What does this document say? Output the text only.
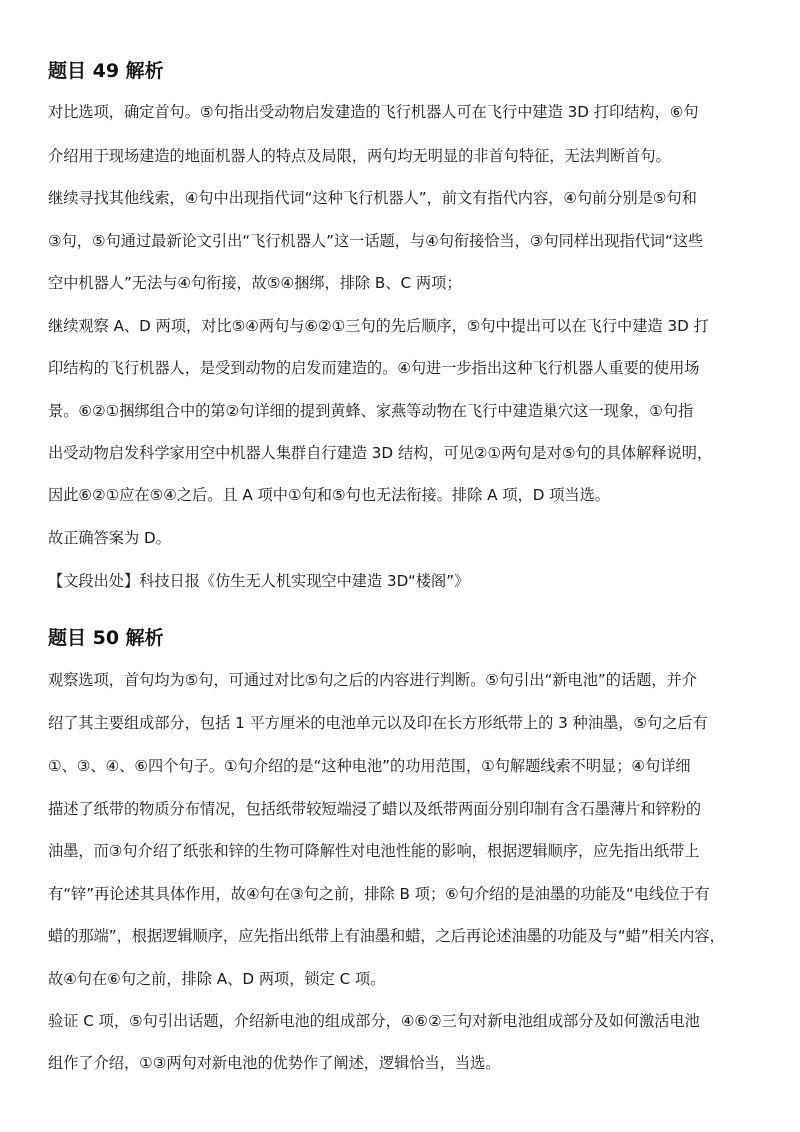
题目 49 解析
对比选项，确定首句。⑤句指出受动物启发建造的飞行机器人可在飞行中建造 3D 打印结构，⑥句
介绍用于现场建造的地面机器人的特点及局限，两句均无明显的非首句特征，无法判断首句。
继续寻找其他线索，④句中出现指代词“这种飞行机器人”，前文有指代内容，④句前分别是⑤句和
③句，⑤句通过最新论文引出“飞行机器人”这一话题，与④句衔接恰当，③句同样出现指代词“这些
空中机器人”无法与④句衔接，故⑤④捆绑，排除 B、C 两项；
继续观察 A、D 两项，对比⑤④两句与⑥②①三句的先后顺序，⑤句中提出可以在飞行中建造 3D 打
印结构的飞行机器人，是受到动物的启发而建造的。④句进一步指出这种飞行机器人重要的使用场
景。⑥②①捆绑组合中的第②句详细的提到黄蜂、家燕等动物在飞行中建造巢穴这一现象，①句指
出受动物启发科学家用空中机器人集群自行建造 3D 结构，可见②①两句是对⑤句的具体解释说明，
因此⑥②①应在⑤④之后。且 A 项中①句和⑤句也无法衔接。排除 A 项，D 项当选。
故正确答案为 D。
【文段出处】科技日报《仿生无人机实现空中建造 3D“楼阁”》
题目 50 解析
观察选项，首句均为⑤句，可通过对比⑤句之后的内容进行判断。⑤句引出“新电池”的话题，并介
绍了其主要组成部分，包括 1 平方厘米的电池单元以及印在长方形纸带上的 3 种油墨，⑤句之后有
①、③、④、⑥四个句子。①句介绍的是“这种电池”的功用范围，①句解题线索不明显；④句详细
描述了纸带的物质分布情况，包括纸带较短端浸了蜡以及纸带两面分别印制有含石墨薄片和锌粉的
油墨，而③句介绍了纸张和锌的生物可降解性对电池性能的影响，根据逻辑顺序，应先指出纸带上
有“锌”再论述其具体作用，故④句在③句之前，排除 B 项；⑥句介绍的是油墨的功能及“电线位于有
蜡的那端”，根据逻辑顺序，应先指出纸带上有油墨和蜡，之后再论述油墨的功能及与“蜡”相关内容，
故④句在⑥句之前，排除 A、D 两项，锁定 C 项。
验证 C 项，⑤句引出话题，介绍新电池的组成部分，④⑥②三句对新电池组成部分及如何激活电池
组作了介绍，①③两句对新电池的优势作了阐述，逻辑恰当，当选。
